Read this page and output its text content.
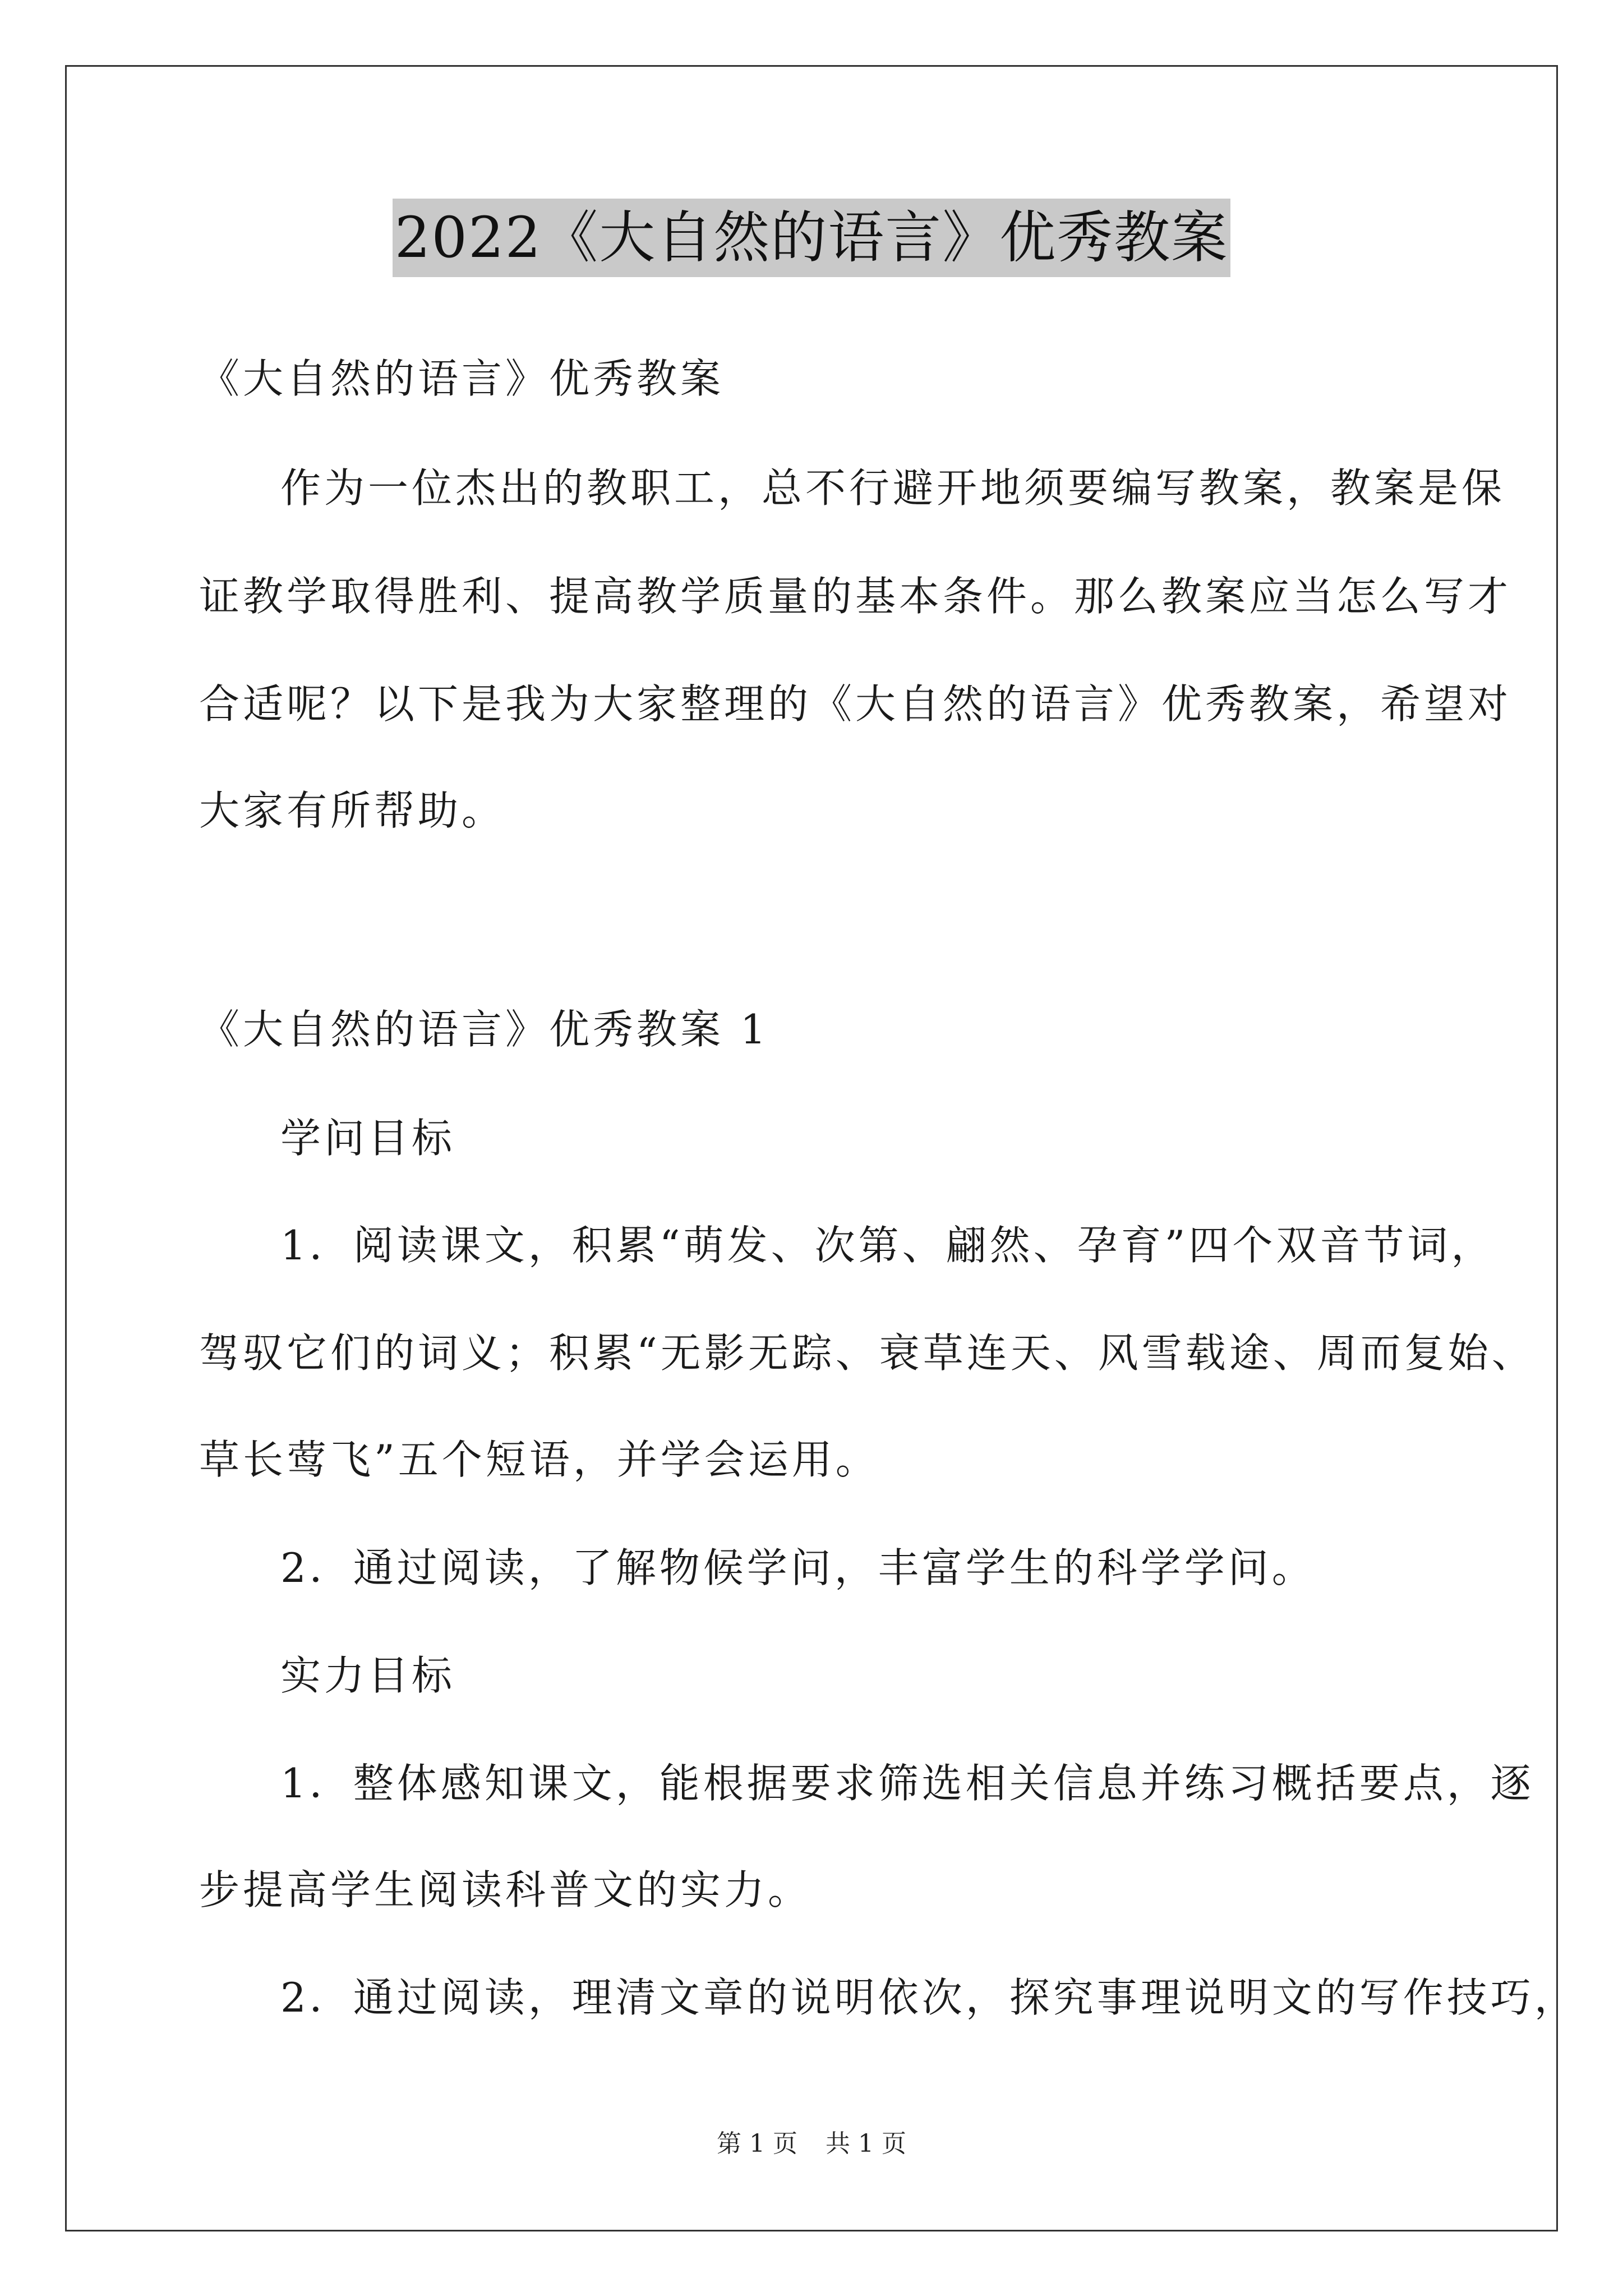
2022《大自然的语言》优秀教案
《大自然的语言》优秀教案
作为一位杰出的教职工，总不行避开地须要编写教案，教案是保
证教学取得胜利、提高教学质量的基本条件。那么教案应当怎么写才
合适呢？以下是我为大家整理的《大自然的语言》优秀教案，希望对
大家有所帮助。
《大自然的语言》优秀教案 1
学问目标
1．阅读课文，积累“萌发、次第、翩然、孕育”四个双音节词，
驾驭它们的词义；积累“无影无踪、衰草连天、风雪载途、周而复始、
草长莺飞”五个短语，并学会运用。
2．通过阅读，了解物候学问，丰富学生的科学学问。
实力目标
1．整体感知课文，能根据要求筛选相关信息并练习概括要点，逐
步提高学生阅读科普文的实力。
2．通过阅读，理清文章的说明依次，探究事理说明文的写作技巧，
第 1 页 共 1 页
